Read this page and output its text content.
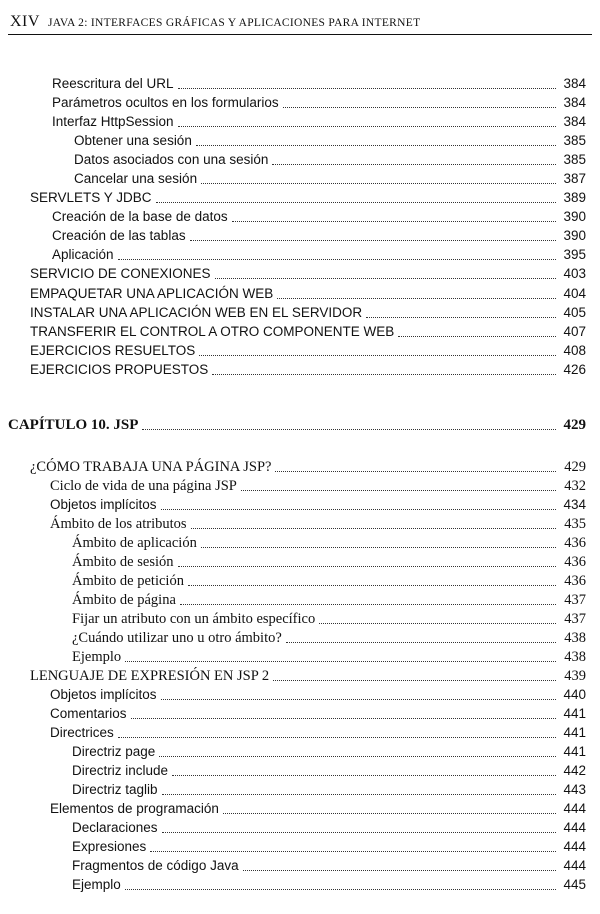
XIV JAVA 2: INTERFACES GRÁFICAS Y APLICACIONES PARA INTERNET
Reescritura del URL	384
Parámetros ocultos en los formularios	384
Interfaz HttpSession	384
Obtener una sesión	385
Datos asociados con una sesión	385
Cancelar una sesión	387
SERVLETS Y JDBC	389
Creación de la base de datos	390
Creación de las tablas	390
Aplicación	395
SERVICIO DE CONEXIONES	403
EMPAQUETAR UNA APLICACIÓN WEB	404
INSTALAR UNA APLICACIÓN WEB EN EL SERVIDOR	405
TRANSFERIR EL CONTROL A OTRO COMPONENTE WEB	407
EJERCICIOS RESUELTOS	408
EJERCICIOS PROPUESTOS	426
CAPÍTULO 10. JSP	429
¿CÓMO TRABAJA UNA PÁGINA JSP?	429
Ciclo de vida de una página JSP	432
Objetos implícitos	434
Ámbito de los atributos	435
Ámbito de aplicación	436
Ámbito de sesión	436
Ámbito de petición	436
Ámbito de página	437
Fijar un atributo con un ámbito específico	437
¿Cuándo utilizar uno u otro ámbito?	438
Ejemplo	438
LENGUAJE DE EXPRESIÓN EN JSP 2	439
Objetos implícitos	440
Comentarios	441
Directrices	441
Directriz page	441
Directriz include	442
Directriz taglib	443
Elementos de programación	444
Declaraciones	444
Expresiones	444
Fragmentos de código Java	444
Ejemplo	445
